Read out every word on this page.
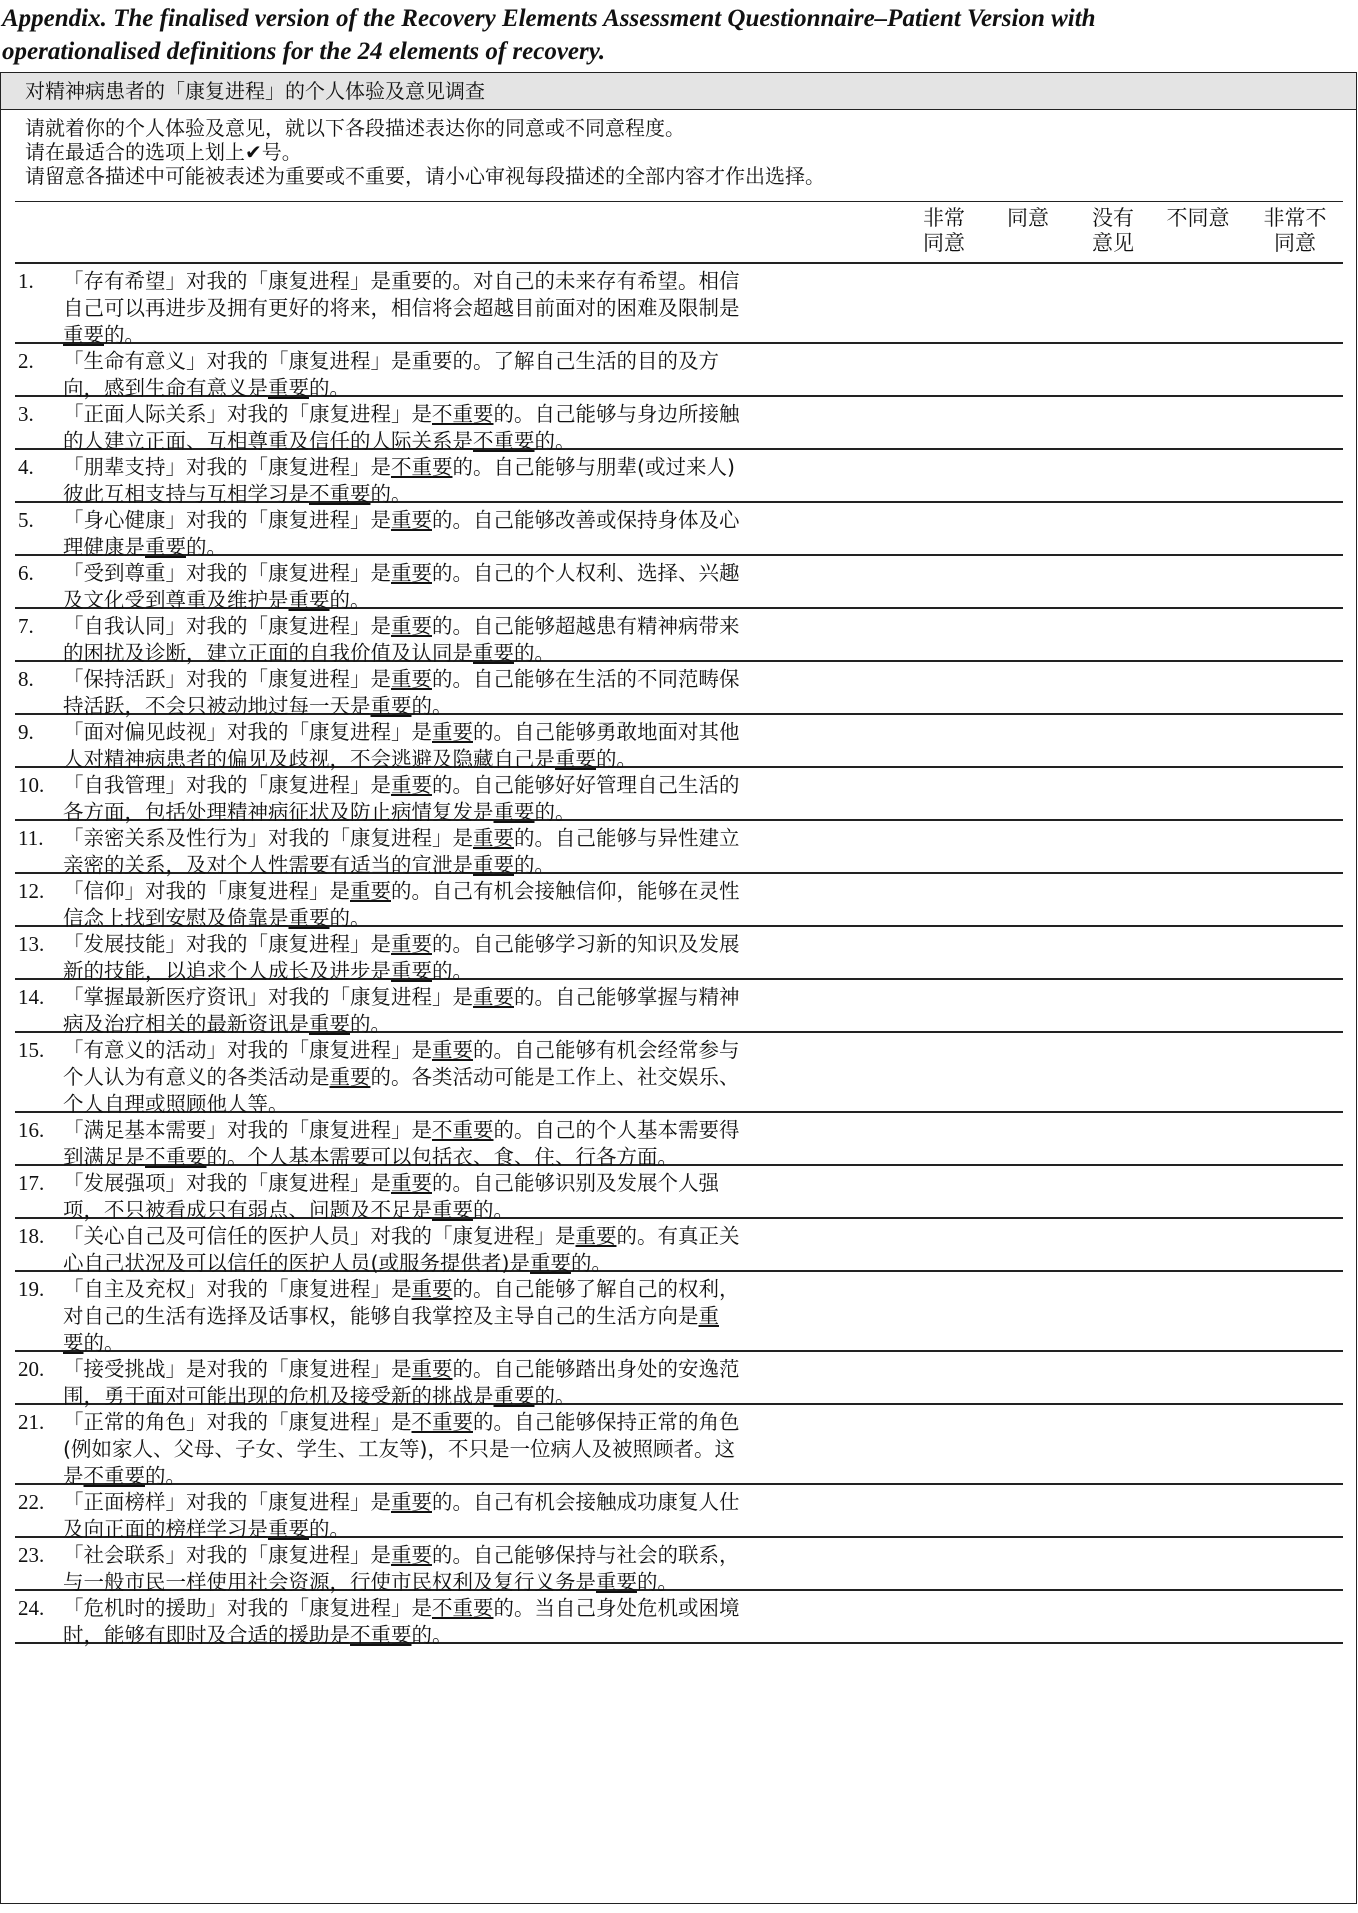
Appendix. The finalised version of the Recovery Elements Assessment Questionnaire–Patient Version with
operationalised definitions for the 24 elements of recovery.
对精神病患者的「康复进程」的个人体验及意见调查
请就着你的个人体验及意见，就以下各段描述表达你的同意或不同意程度。
请在最适合的选项上划上✔号。
请留意各描述中可能被表述为重要或不重要，请小心审视每段描述的全部内容才作出选择。
非常
同意
同意	没有
意见
不同意	非常不
同意
1. 「存有希望」对我的「康复进程」是重要的。对自己的未来存有希望。相信
自己可以再进步及拥有更好的将来，相信将会超越目前面对的困难及限制是
重要的。
2. 「生命有意义」对我的「康复进程」是重要的。了解自己生活的目的及方
向，感到生命有意义是重要的。
3. 「正面人际关系」对我的「康复进程」是不重要的。自己能够与身边所接触
的人建立正面、互相尊重及信任的人际关系是不重要的。
4. 「朋辈支持」对我的「康复进程」是不重要的。自己能够与朋辈(或过来人)
彼此互相支持与互相学习是不重要的。
5. 「身心健康」对我的「康复进程」是重要的。自己能够改善或保持身体及心
理健康是重要的。
6. 「受到尊重」对我的「康复进程」是重要的。自己的个人权利、选择、兴趣
及文化受到尊重及维护是重要的。
7. 「自我认同」对我的「康复进程」是重要的。自己能够超越患有精神病带来
的困扰及诊断，建立正面的自我价值及认同是重要的。
8. 「保持活跃」对我的「康复进程」是重要的。自己能够在生活的不同范畴保
持活跃，不会只被动地过每一天是重要的。
9. 「面对偏见歧视」对我的「康复进程」是重要的。自己能够勇敢地面对其他
人对精神病患者的偏见及歧视，不会逃避及隐藏自己是重要的。
10. 「自我管理」对我的「康复进程」是重要的。自己能够好好管理自己生活的
各方面，包括处理精神病征状及防止病情复发是重要的。
11. 「亲密关系及性行为」对我的「康复进程」是重要的。自己能够与异性建立
亲密的关系，及对个人性需要有适当的宣泄是重要的。
12. 「信仰」对我的「康复进程」是重要的。自己有机会接触信仰，能够在灵性
信念上找到安慰及倚靠是重要的。
13. 「发展技能」对我的「康复进程」是重要的。自己能够学习新的知识及发展
新的技能，以追求个人成长及进步是重要的。
14. 「掌握最新医疗资讯」对我的「康复进程」是重要的。自己能够掌握与精神
病及治疗相关的最新资讯是重要的。
15. 「有意义的活动」对我的「康复进程」是重要的。自己能够有机会经常参与
个人认为有意义的各类活动是重要的。各类活动可能是工作上、社交娱乐、
个人自理或照顾他人等。
16. 「满足基本需要」对我的「康复进程」是不重要的。自己的个人基本需要得
到满足是不重要的。个人基本需要可以包括衣、食、住、行各方面。
17. 「发展强项」对我的「康复进程」是重要的。自己能够识别及发展个人强
项，不只被看成只有弱点、问题及不足是重要的。
18. 「关心自己及可信任的医护人员」对我的「康复进程」是重要的。有真正关
心自己状况及可以信任的医护人员(或服务提供者)是重要的。
19. 「自主及充权」对我的「康复进程」是重要的。自己能够了解自己的权利，
对自己的生活有选择及话事权，能够自我掌控及主导自己的生活方向是重
要的。
20. 「接受挑战」是对我的「康复进程」是重要的。自己能够踏出身处的安逸范
围，勇于面对可能出现的危机及接受新的挑战是重要的。
21. 「正常的角色」对我的「康复进程」是不重要的。自己能够保持正常的角色
(例如家人、父母、子女、学生、工友等)，不只是一位病人及被照顾者。这
是不重要的。
22. 「正面榜样」对我的「康复进程」是重要的。自己有机会接触成功康复人仕
及向正面的榜样学习是重要的。
23. 「社会联系」对我的「康复进程」是重要的。自己能够保持与社会的联系，
与一般市民一样使用社会资源，行使市民权利及复行义务是重要的。
24. 「危机时的援助」对我的「康复进程」是不重要的。当自己身处危机或困境
时，能够有即时及合适的援助是不重要的。
